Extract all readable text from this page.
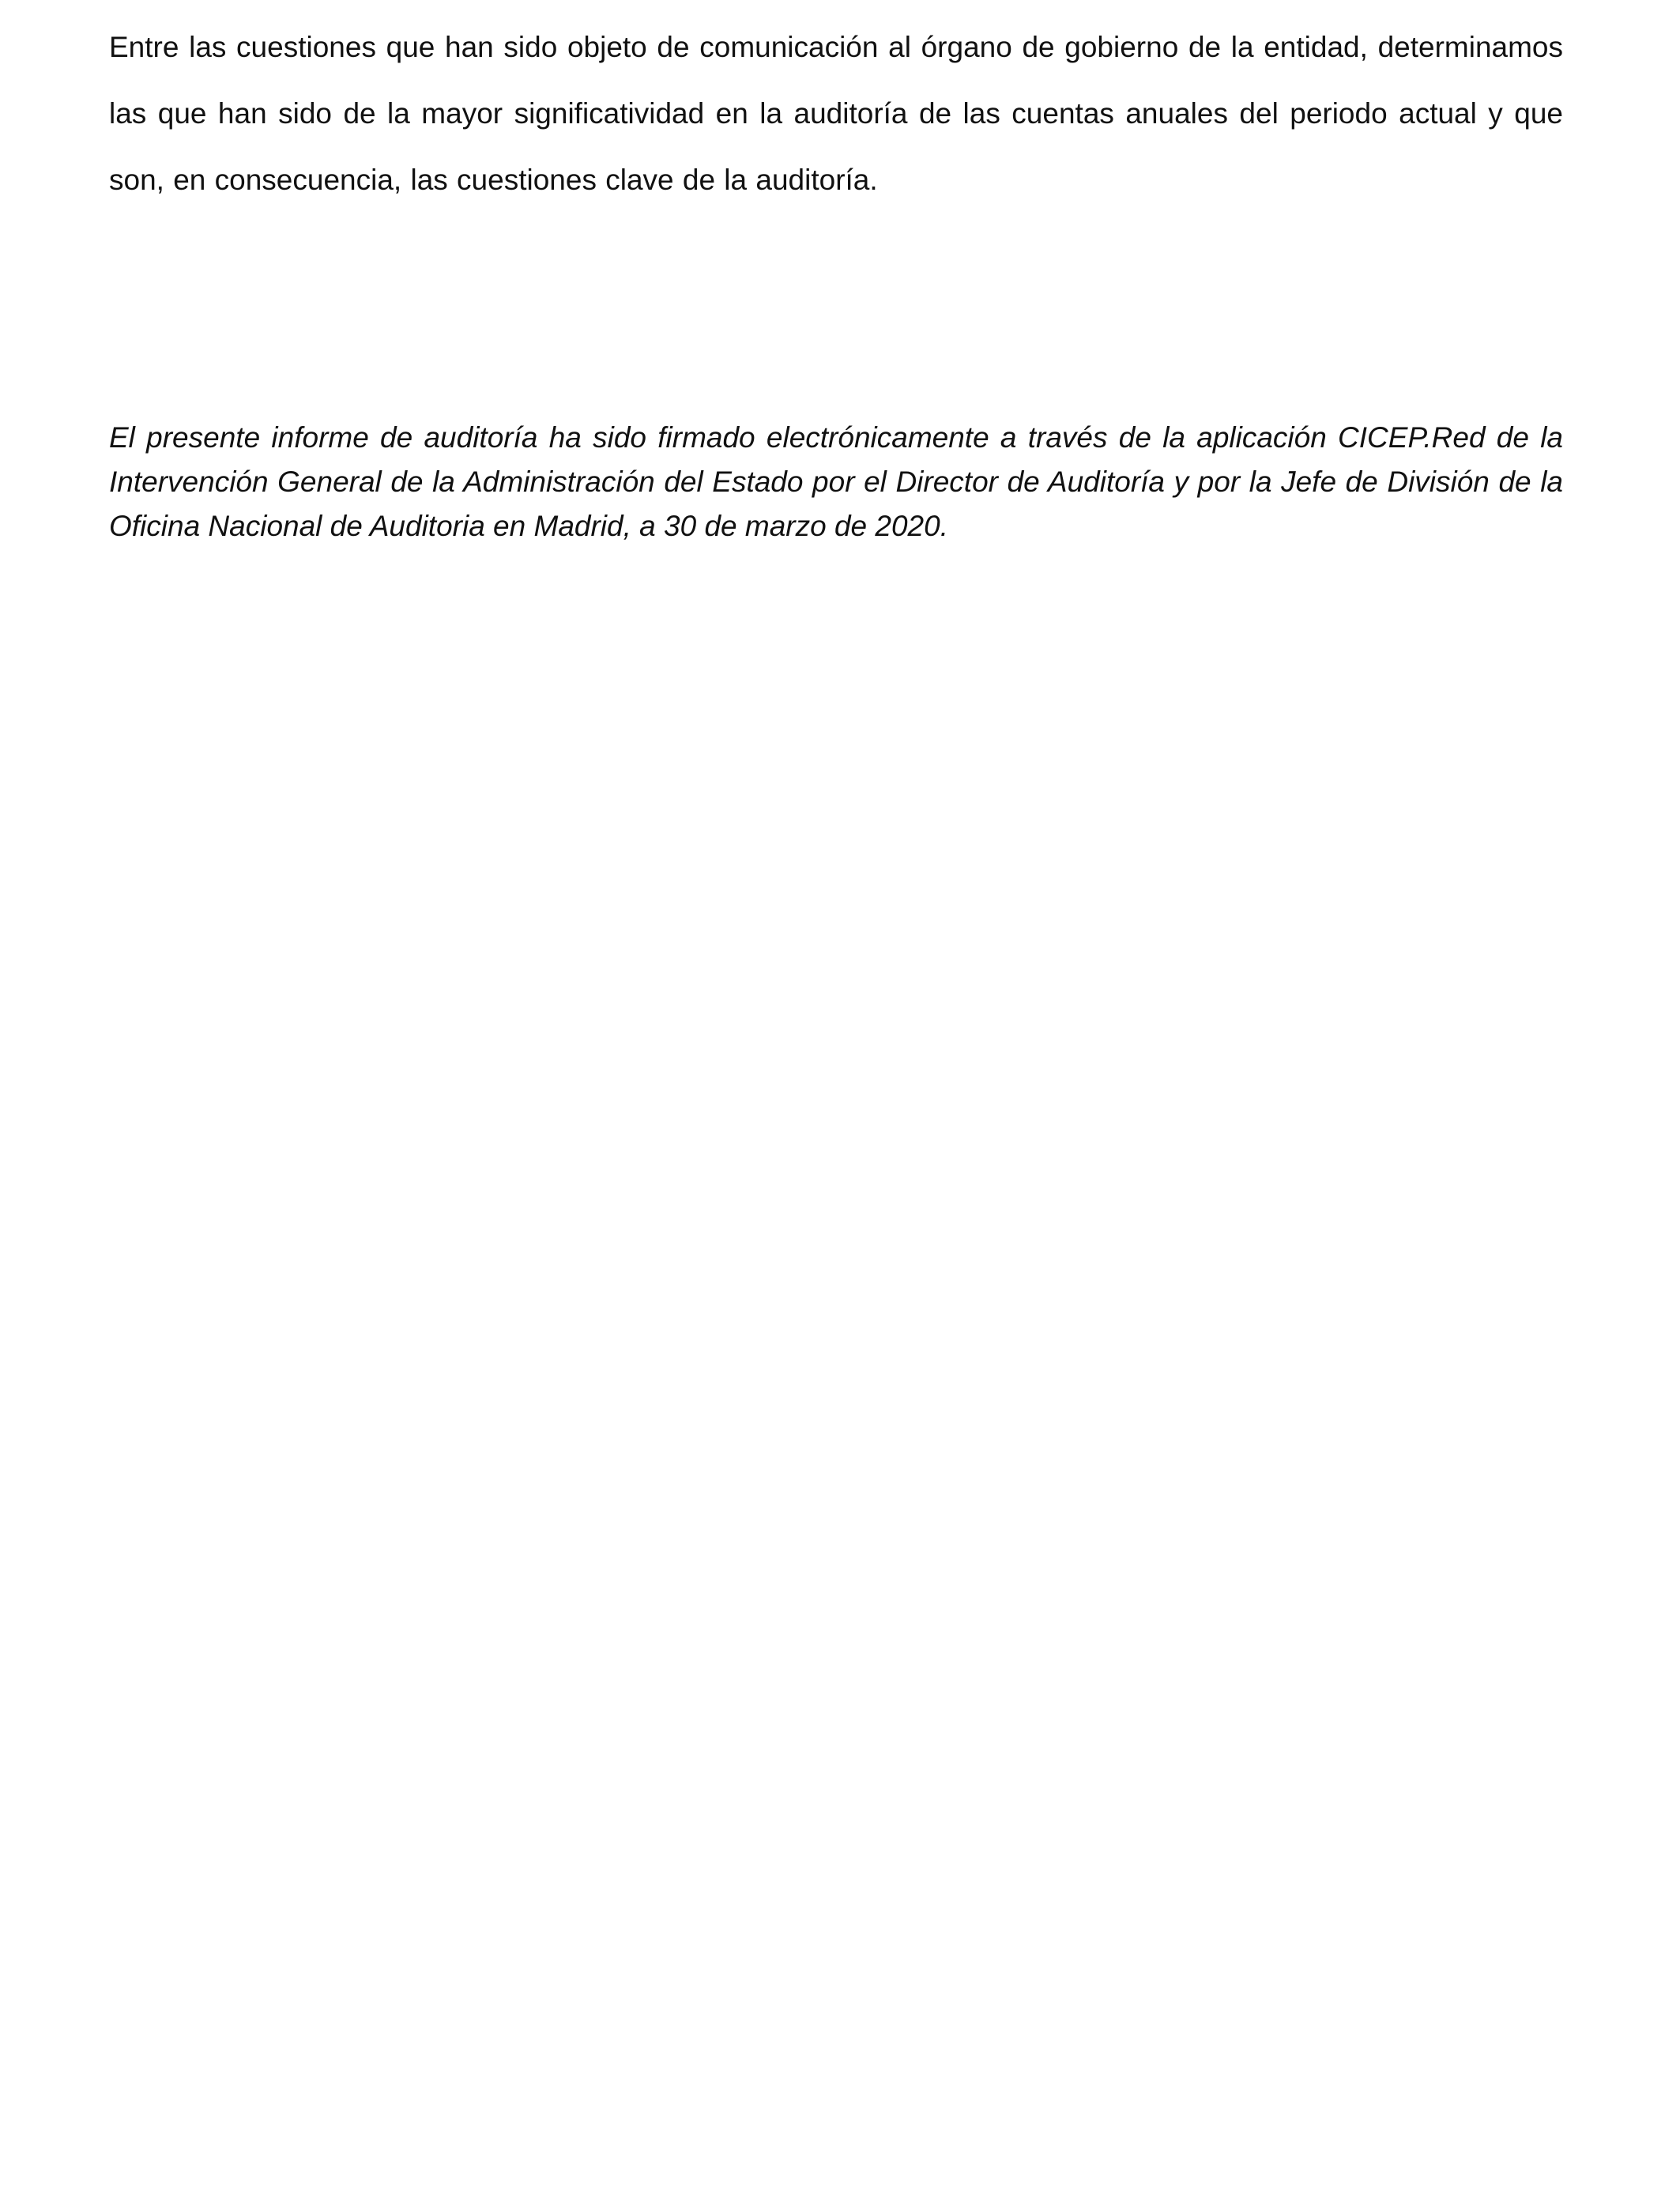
Entre las cuestiones que han sido objeto de comunicación al órgano de gobierno de la entidad, determinamos las que han sido de la mayor significatividad en la auditoría de las cuentas anuales del periodo actual y que son, en consecuencia, las cuestiones clave de la auditoría.

El presente informe de auditoría ha sido firmado electrónicamente a través de la aplicación CICEP.Red de la Intervención General de la Administración del Estado por el Director de Auditoría y por la Jefe de División de la Oficina Nacional de Auditoria en Madrid, a 30 de marzo de 2020.
